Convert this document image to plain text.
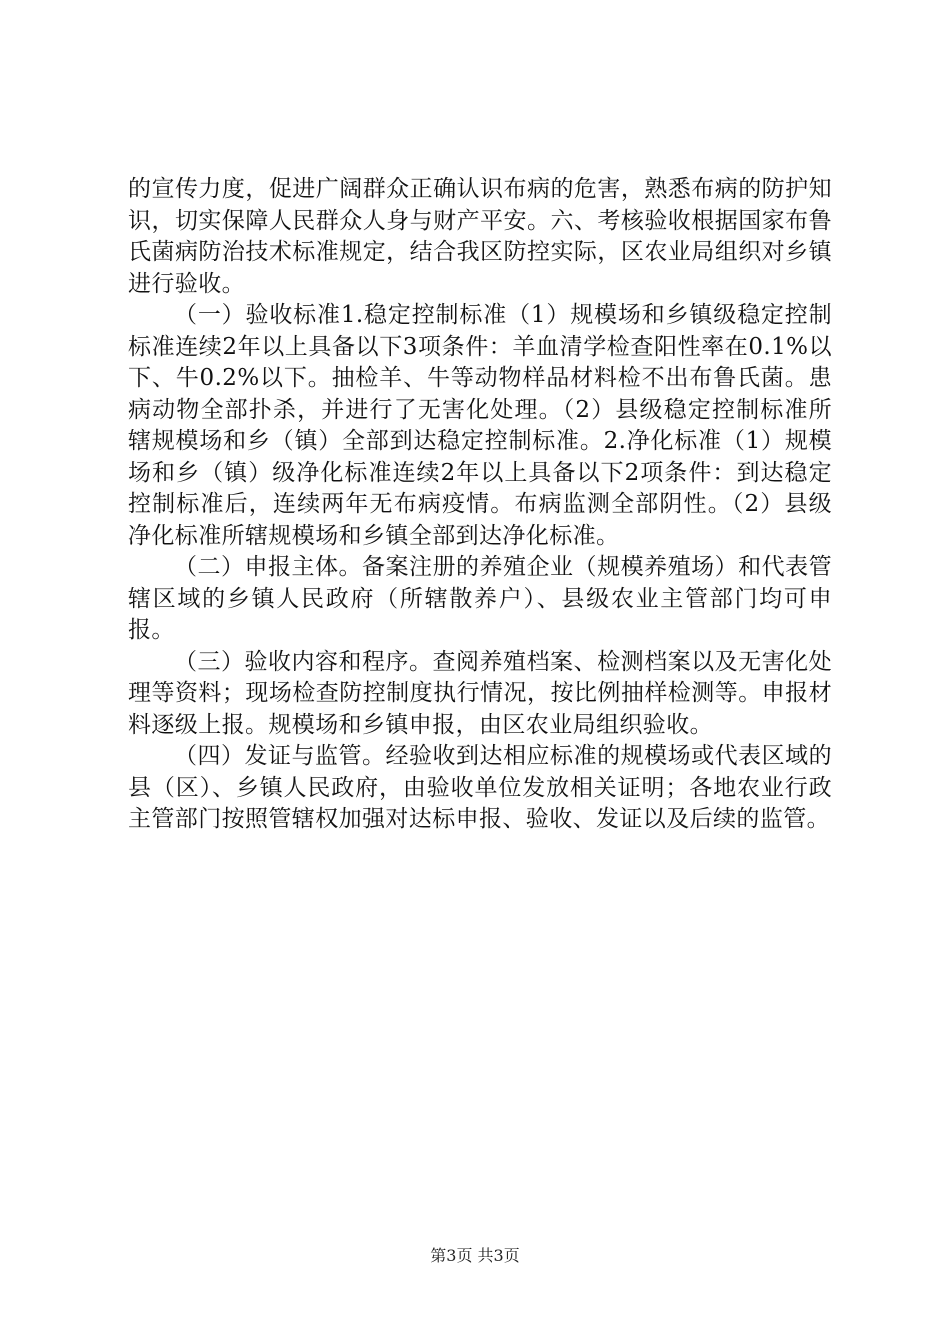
的宣传力度，促进广阔群众正确认识布病的危害，熟悉布病的防护知识，切实保障人民群众人身与财产平安。六、考核验收根据国家布鲁氏菌病防治技术标准规定，结合我区防控实际，区农业局组织对乡镇进行验收。

（一）验收标准1.稳定控制标准（1）规模场和乡镇级稳定控制标准连续2年以上具备以下3项条件：羊血清学检查阳性率在0.1%以下、牛0.2%以下。抽检羊、牛等动物样品材料检不出布鲁氏菌。患病动物全部扑杀，并进行了无害化处理。（2）县级稳定控制标准所辖规模场和乡（镇）全部到达稳定控制标准。2.净化标准（1）规模场和乡（镇）级净化标准连续2年以上具备以下2项条件：到达稳定控制标准后，连续两年无布病疫情。布病监测全部阴性。（2）县级净化标准所辖规模场和乡镇全部到达净化标准。

（二）申报主体。备案注册的养殖企业（规模养殖场）和代表管辖区域的乡镇人民政府（所辖散养户）、县级农业主管部门均可申报。

（三）验收内容和程序。查阅养殖档案、检测档案以及无害化处理等资料；现场检查防控制度执行情况，按比例抽样检测等。申报材料逐级上报。规模场和乡镇申报，由区农业局组织验收。

（四）发证与监管。经验收到达相应标准的规模场或代表区域的县（区）、乡镇人民政府，由验收单位发放相关证明；各地农业行政主管部门按照管辖权加强对达标申报、验收、发证以及后续的监管。

第3页 共3页
